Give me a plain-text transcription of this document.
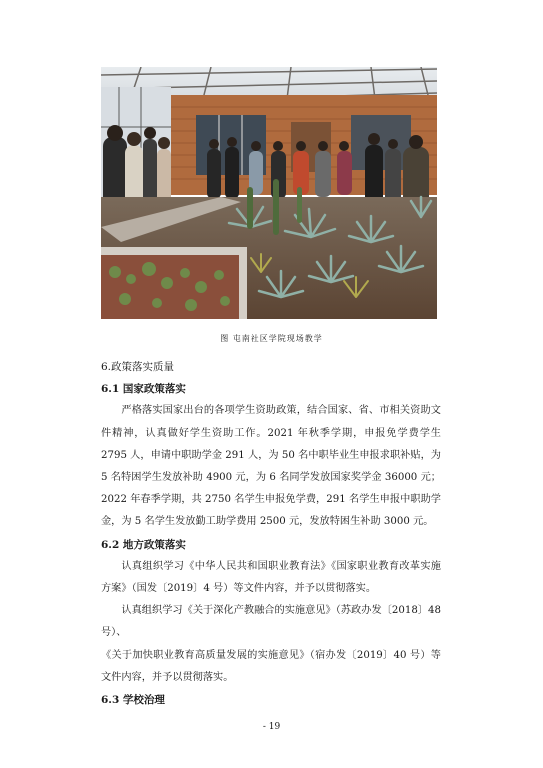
图 屯南社区学院现场教学

6.政策落实质量

6.1 国家政策落实

严格落实国家出台的各项学生资助政策，结合国家、省、市相关资助文件精神，认真做好学生资助工作。2021 年秋季学期，申报免学费学生 2795 人，申请中职助学金 291 人，为 50 名中职毕业生申报求职补贴，为 5 名特困学生发放补助 4900 元，为 6 名同学发放国家奖学金 36000 元；2022 年春季学期，共 2750 名学生申报免学费，291 名学生申报中职助学金，为 5 名学生发放勤工助学费用 2500 元，发放特困生补助 3000 元。

6.2 地方政策落实

认真组织学习《中华人民共和国职业教育法》《国家职业教育改革实施方案》（国发〔2019〕4 号）等文件内容，并予以贯彻落实。

认真组织学习《关于深化产教融合的实施意见》（苏政办发〔2018〕48 号）、

《关于加快职业教育高质量发展的实施意见》（宿办发〔2019〕40 号）等文件内容，并予以贯彻落实。

6.3 学校治理

- 19
